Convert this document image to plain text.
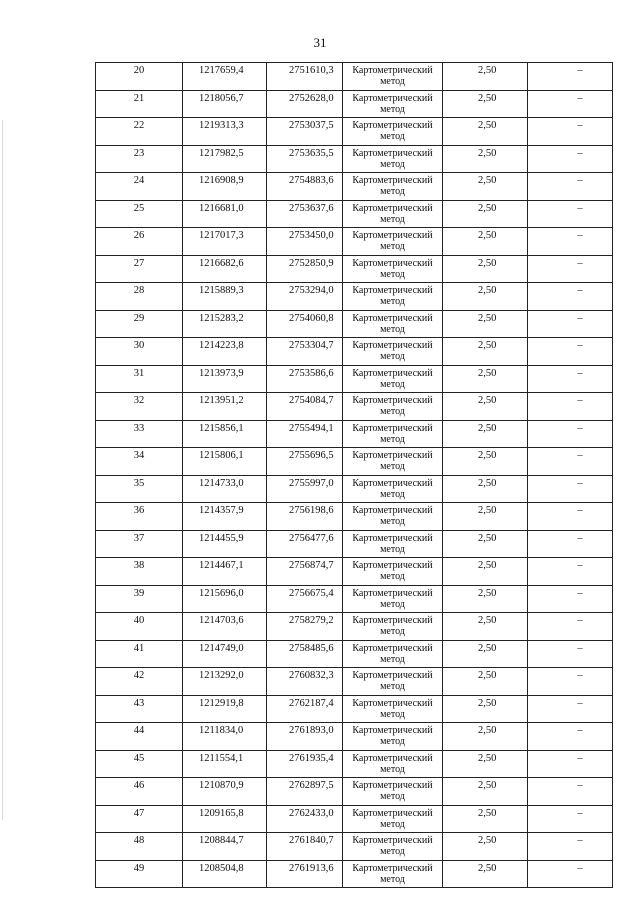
31
20	1217659,4	2751610,3	Картометрический метод	2,50	–
21	1218056,7	2752628,0	Картометрический метод	2,50	–
22	1219313,3	2753037,5	Картометрический метод	2,50	–
23	1217982,5	2753635,5	Картометрический метод	2,50	–
24	1216908,9	2754883,6	Картометрический метод	2,50	–
25	1216681,0	2753637,6	Картометрический метод	2,50	–
26	1217017,3	2753450,0	Картометрический метод	2,50	–
27	1216682,6	2752850,9	Картометрический метод	2,50	–
28	1215889,3	2753294,0	Картометрический метод	2,50	–
29	1215283,2	2754060,8	Картометрический метод	2,50	–
30	1214223,8	2753304,7	Картометрический метод	2,50	–
31	1213973,9	2753586,6	Картометрический метод	2,50	–
32	1213951,2	2754084,7	Картометрический метод	2,50	–
33	1215856,1	2755494,1	Картометрический метод	2,50	–
34	1215806,1	2755696,5	Картометрический метод	2,50	–
35	1214733,0	2755997,0	Картометрический метод	2,50	–
36	1214357,9	2756198,6	Картометрический метод	2,50	–
37	1214455,9	2756477,6	Картометрический метод	2,50	–
38	1214467,1	2756874,7	Картометрический метод	2,50	–
39	1215696,0	2756675,4	Картометрический метод	2,50	–
40	1214703,6	2758279,2	Картометрический метод	2,50	–
41	1214749,0	2758485,6	Картометрический метод	2,50	–
42	1213292,0	2760832,3	Картометрический метод	2,50	–
43	1212919,8	2762187,4	Картометрический метод	2,50	–
44	1211834,0	2761893,0	Картометрический метод	2,50	–
45	1211554,1	2761935,4	Картометрический метод	2,50	–
46	1210870,9	2762897,5	Картометрический метод	2,50	–
47	1209165,8	2762433,0	Картометрический метод	2,50	–
48	1208844,7	2761840,7	Картометрический метод	2,50	–
49	1208504,8	2761913,6	Картометрический метод	2,50	–
